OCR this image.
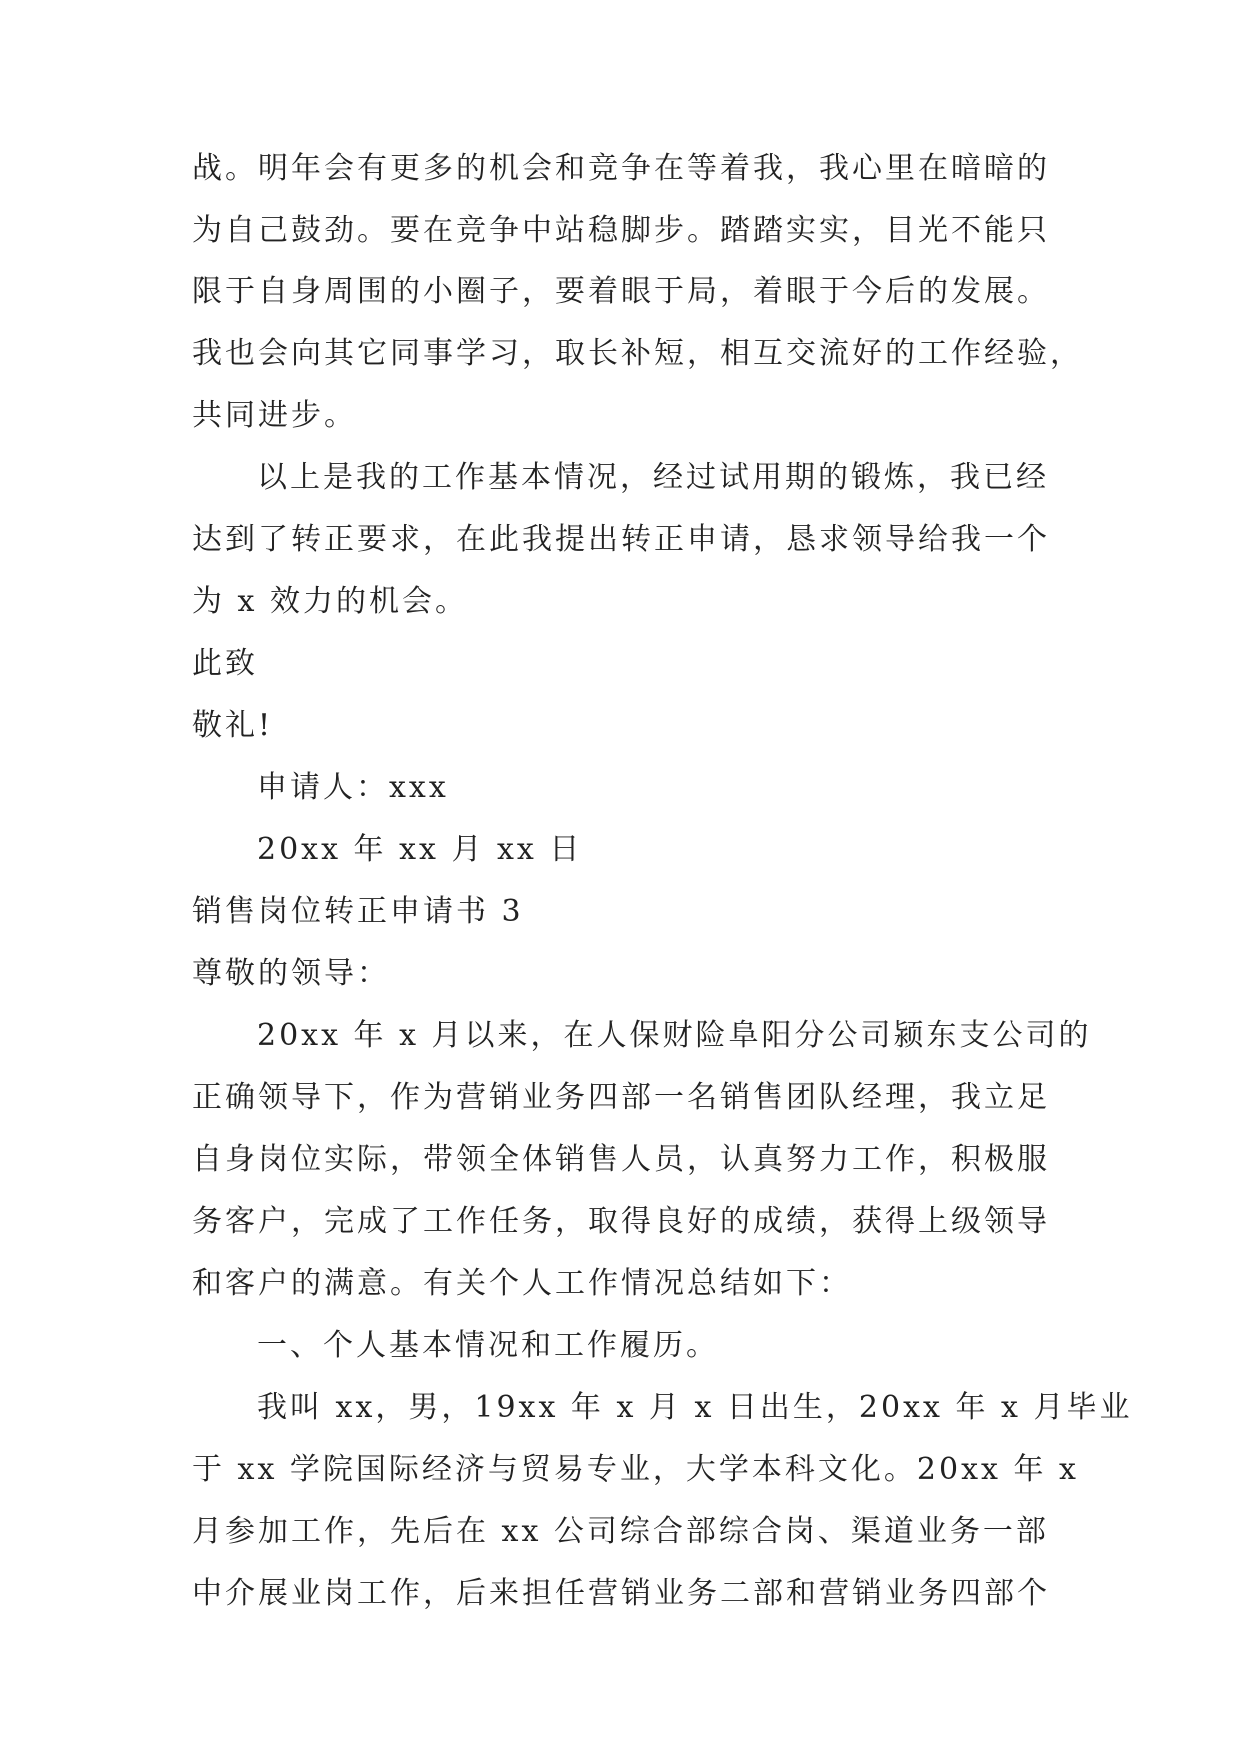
战。明年会有更多的机会和竞争在等着我，我心里在暗暗的
为自己鼓劲。要在竞争中站稳脚步。踏踏实实，目光不能只
限于自身周围的小圈子，要着眼于局，着眼于今后的发展。
我也会向其它同事学习，取长补短，相互交流好的工作经验，
共同进步。
以上是我的工作基本情况，经过试用期的锻炼，我已经
达到了转正要求，在此我提出转正申请，恳求领导给我一个
为 x 效力的机会。
此致
敬礼!
申请人：xxx
20xx 年 xx 月 xx 日
销售岗位转正申请书 3
尊敬的领导：
20xx 年 x 月以来，在人保财险阜阳分公司颍东支公司的
正确领导下，作为营销业务四部一名销售团队经理，我立足
自身岗位实际，带领全体销售人员，认真努力工作，积极服
务客户，完成了工作任务，取得良好的成绩，获得上级领导
和客户的满意。有关个人工作情况总结如下：
一、个人基本情况和工作履历。
我叫 xx，男，19xx 年 x 月 x 日出生，20xx 年 x 月毕业
于 xx 学院国际经济与贸易专业，大学本科文化。20xx 年 x
月参加工作，先后在 xx 公司综合部综合岗、渠道业务一部
中介展业岗工作，后来担任营销业务二部和营销业务四部个
